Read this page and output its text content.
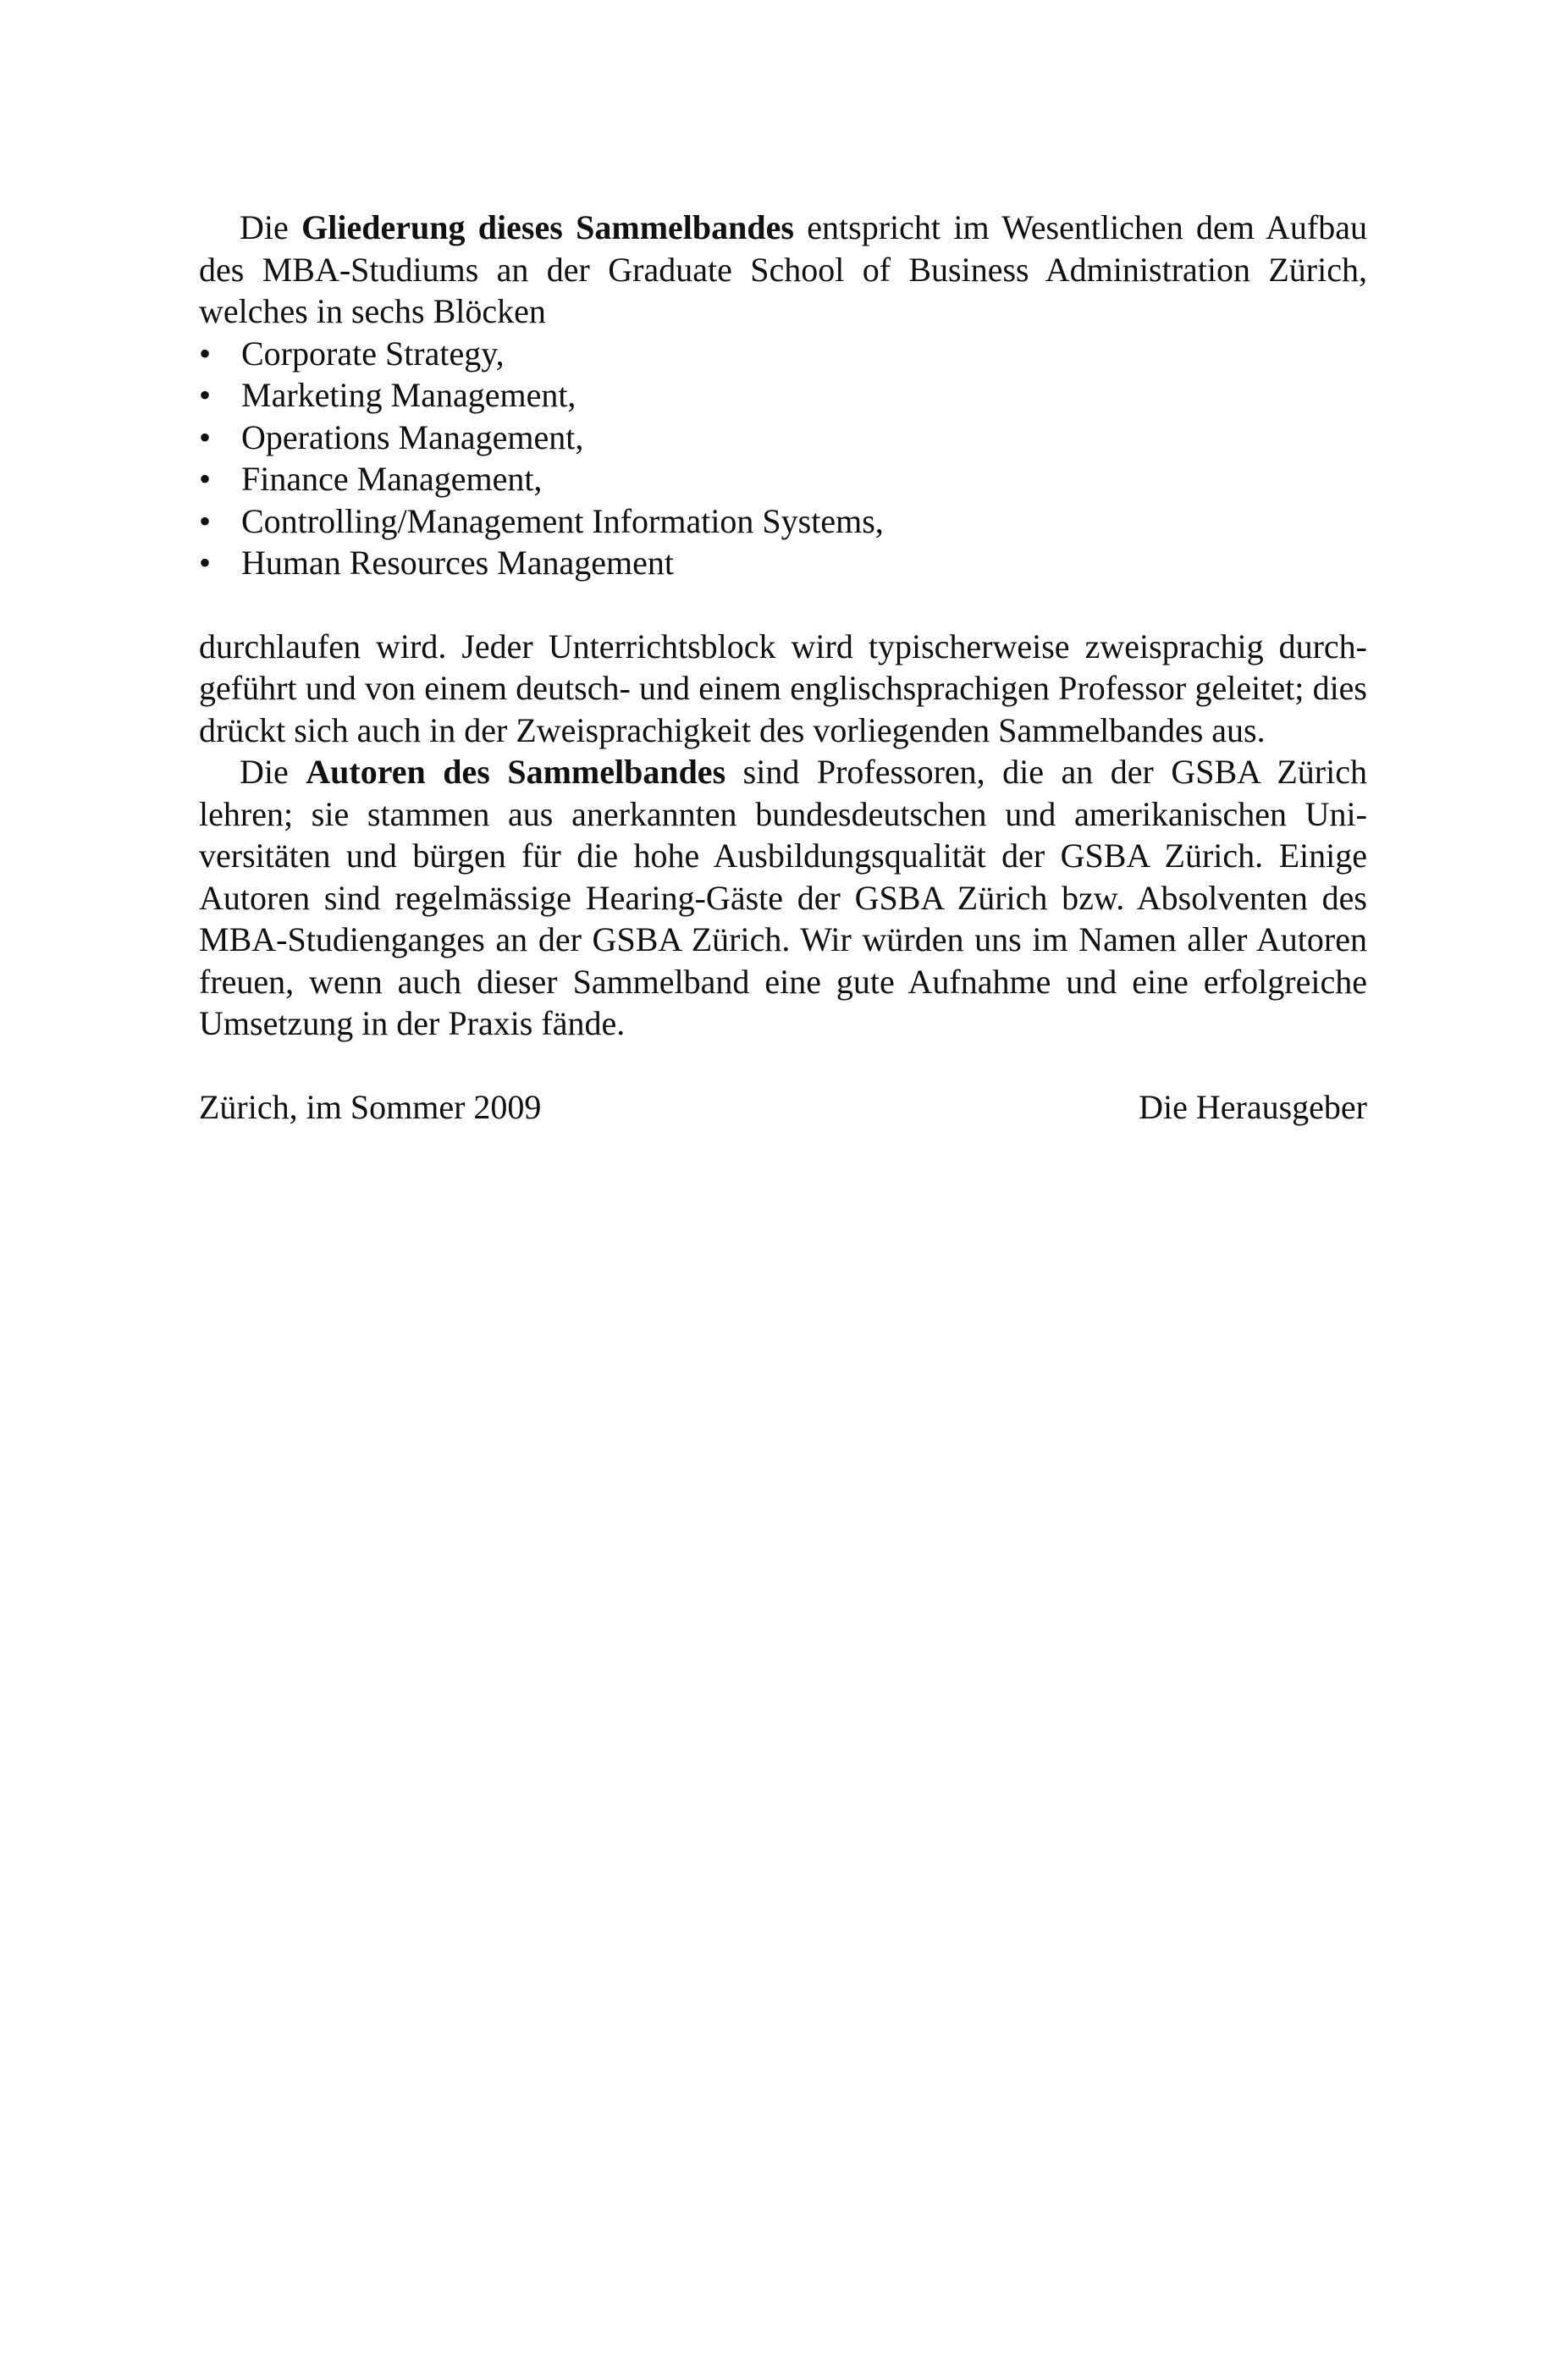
Die Gliederung dieses Sammelbandes entspricht im Wesentlichen dem Aufbau des MBA-Studiums an der Graduate School of Business Administration Zürich, welches in sechs Blöcken

• Corporate Strategy,
• Marketing Management,
• Operations Management,
• Finance Management,
• Controlling/Management Information Systems,
• Human Resources Management

durchlaufen wird. Jeder Unterrichtsblock wird typischerweise zweisprachig durchgeführt und von einem deutsch- und einem englischsprachigen Professor geleitet; dies drückt sich auch in der Zweisprachigkeit des vorliegenden Sammelbandes aus.

Die Autoren des Sammelbandes sind Professoren, die an der GSBA Zürich lehren; sie stammen aus anerkannten bundesdeutschen und amerikanischen Universitäten und bürgen für die hohe Ausbildungsqualität der GSBA Zürich. Einige Autoren sind regelmässige Hearing-Gäste der GSBA Zürich bzw. Absolventen des MBA-Studienganges an der GSBA Zürich. Wir würden uns im Namen aller Autoren freuen, wenn auch dieser Sammelband eine gute Aufnahme und eine erfolgreiche Umsetzung in der Praxis fände.

Zürich, im Sommer 2009	Die Herausgeber
